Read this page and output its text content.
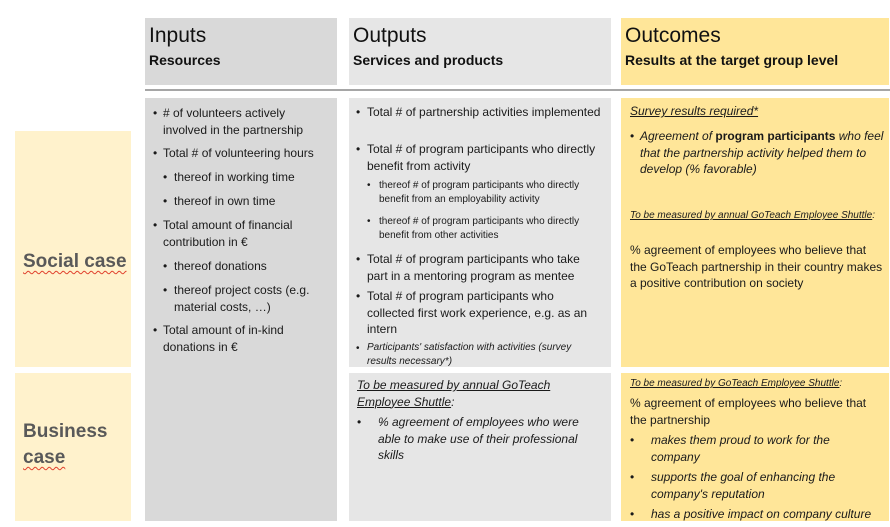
Inputs
Resources
Outputs
Services and products
Outcomes
Results at the target group level
Social case
Business
case
• # of volunteers actively involved in the partnership
• Total # of volunteering hours
• thereof in working time
• thereof in own time
• Total amount of financial contribution in €
• thereof donations
• thereof project costs (e.g. material costs, …)
• Total amount of in-kind donations in €
• Total # of partnership activities implemented
• Total # of program participants who directly benefit from activity
• thereof # of program participants who directly benefit from an employability activity
• thereof # of program participants who directly benefit from other activities
• Total # of program participants who take part in a mentoring program as mentee
• Total # of program participants who collected first work experience, e.g. as an intern
• Participants' satisfaction with activities (survey results necessary*)
To be measured by annual GoTeach Employee Shuttle:
• % agreement of employees who were able to make use of their professional skills
Survey results required*
• Agreement of program participants who feel that the partnership activity helped them to develop (% favorable)
To be measured by annual GoTeach Employee Shuttle:
% agreement of employees who believe that the GoTeach partnership in their country makes a positive contribution on society
To be measured by GoTeach Employee Shuttle:
% agreement of employees who believe that the partnership
• makes them proud to work for the company
• supports the goal of enhancing the company's reputation
• has a positive impact on company culture
